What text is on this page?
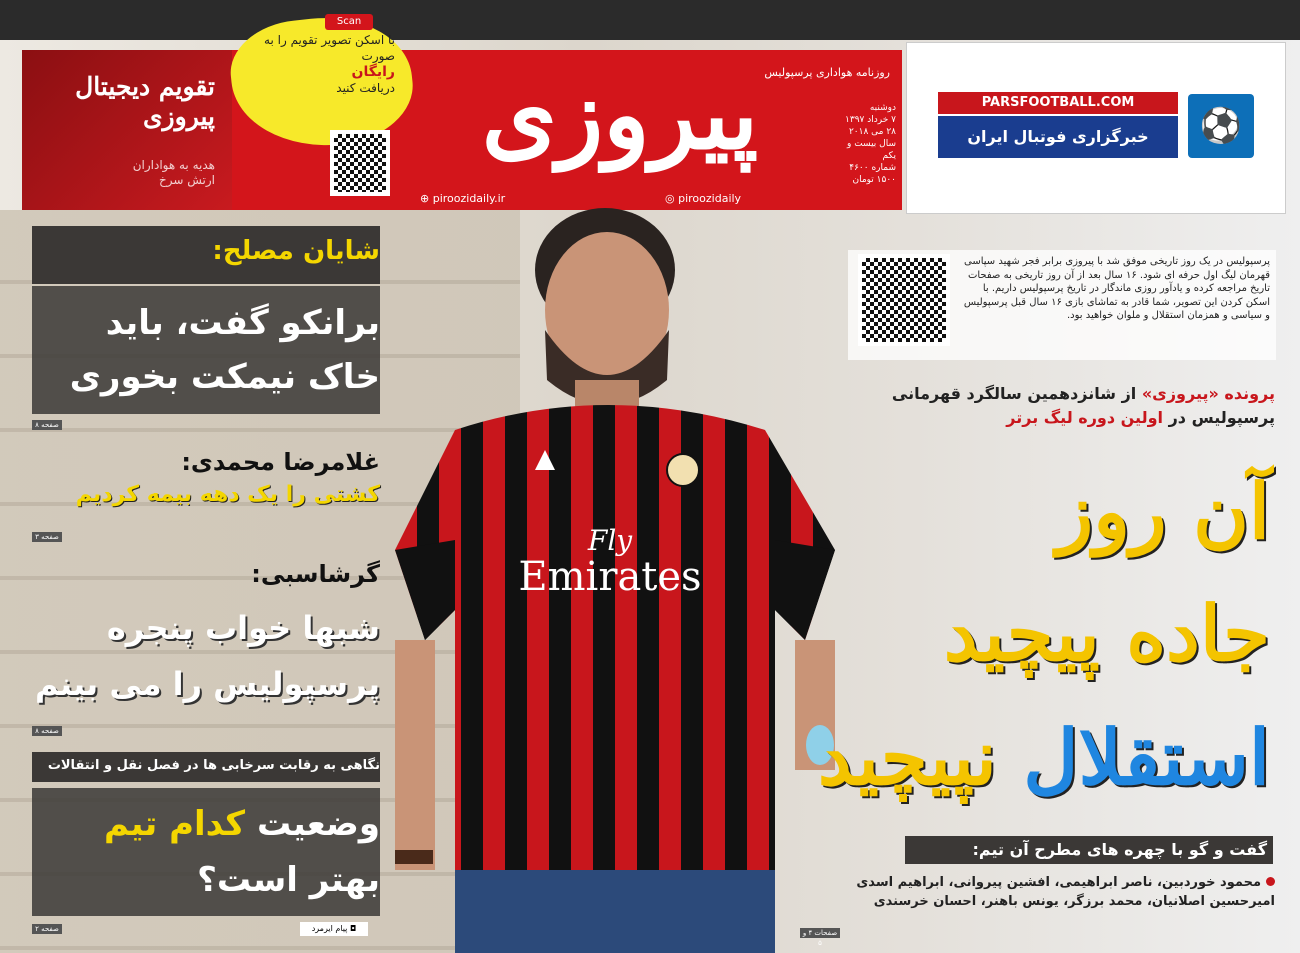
تقویم دیجیتال
پیروزی
هدیه به هواداران
ارتش سرخ
Scan
با اسکن تصویر تقویم را به صورت
رایگان
دریافت کنید پیروزی روزنامه هواداری پرسپولیس
⊕ piroozidaily.ir	◎ piroozidaily
دوشنبه
۷ خرداد ۱۳۹۷
۲۸ می ۲۰۱۸
سال بیست و یکم
شماره ۴۶۰۰
۱۵۰۰ تومان
PARSFOOTBALL.COM
خبرگزاری فوتبال ایران	⚽
شایان مصلح:
برانکو گفت، باید
خاک نیمکت بخوری
صفحه ۸
غلامرضا محمدی:
کشتی را یک دهه بیمه کردیم
صفحه ۳
گرشاسبی:
شبها خواب پنجره
پرسپولیس را می بینم
صفحه ۸
نگاهی به رقابت سرخابی ها در فصل نقل و انتقالات
وضعیت کدام تیم
بهتر است؟
صفحه ۲
Fly
Emirates
پرسپولیس در یک روز تاریخی موفق شد با پیروزی برابر فجر شهید سپاسی قهرمان لیگ اول حرفه ای شود. ۱۶ سال بعد از آن روز تاریخی به صفحات تاریخ مراجعه کرده و یادآور روزی ماندگار در تاریخ پرسپولیس داریم. با اسکن کردن این تصویر، شما قادر به تماشای بازی ۱۶ سال قبل پرسپولیس و سیاسی و همزمان استقلال و ملوان خواهید بود.
پرونده «پیروزی» از شانزدهمین سالگرد قهرمانی
پرسپولیس در اولین دوره لیگ برتر
آن روز
جاده پیچید
استقلال نپیچید
گفت و گو با چهره های مطرح آن تیم:
محمود خوردبین، ناصر ابراهیمی، افشین پیروانی، ابراهیم اسدی
امیرحسین اصلانیان، محمد برزگر، یونس باهنر، احسان خرسندی
صفحات ۴ و ۵
◘ پیام ایرمرد
